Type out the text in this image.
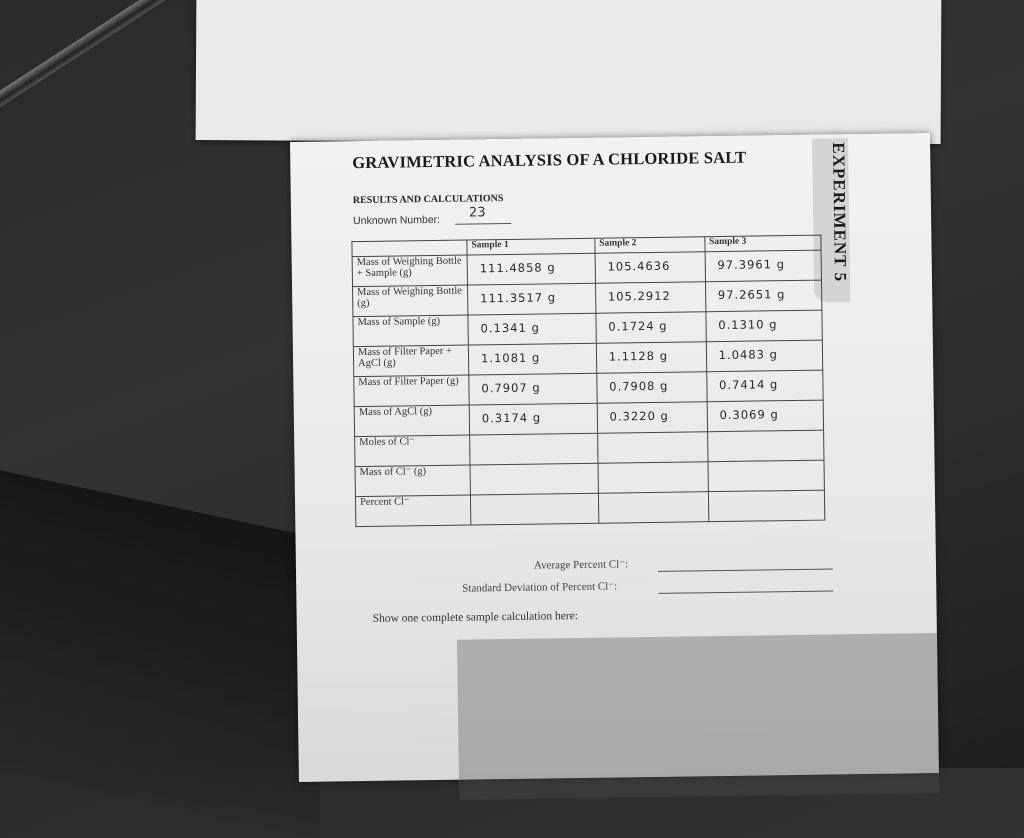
EXPERIMENT 5
GRAVIMETRIC ANALYSIS OF A CHLORIDE SALT
RESULTS AND CALCULATIONS
Unknown Number:
23
	Sample 1	Sample 2	Sample 3
Mass of Weighing Bottle + Sample (g)	111.4858 g	105.4636	97.3961 g
Mass of Weighing Bottle (g)	111.3517 g	105.2912	97.2651 g
Mass of Sample (g)	0.1341 g	0.1724 g	0.1310 g
Mass of Filter Paper + AgCl (g)	1.1081 g	1.1128 g	1.0483 g
Mass of Filter Paper (g)	0.7907 g	0.7908 g	0.7414 g
Mass of AgCl (g)	0.3174 g	0.3220 g	0.3069 g
Moles of Cl⁻			
Mass of Cl⁻ (g)			
Percent Cl⁻			
Average Percent Cl⁻:
Standard Deviation of Percent Cl⁻:
Show one complete sample calculation here:
